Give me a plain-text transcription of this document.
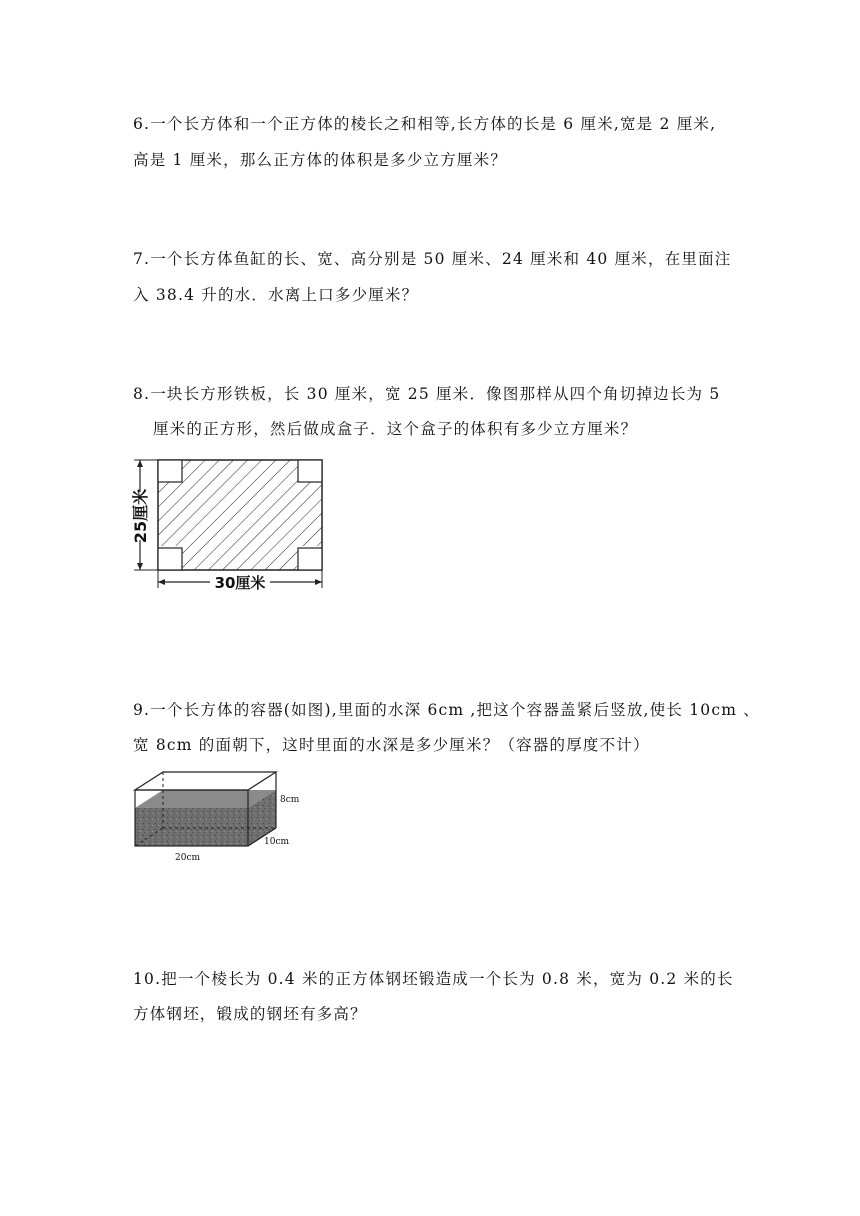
6.一个长方体和一个正方体的棱长之和相等,长方体的长是 6 厘米,宽是 2 厘米,
高是 1 厘米，那么正方体的体积是多少立方厘米？
7.一个长方体鱼缸的长、宽、高分别是 50 厘米、24 厘米和 40 厘米，在里面注
入 38.4 升的水．水离上口多少厘米？
8.一块长方形铁板，长 30 厘米，宽 25 厘米．像图那样从四个角切掉边长为 5
厘米的正方形，然后做成盒子．这个盒子的体积有多少立方厘米？
25厘米
30厘米
9.一个长方体的容器(如图),里面的水深 6cm ,把这个容器盖紧后竖放,使长 10cm 、
宽 8cm 的面朝下，这时里面的水深是多少厘米？（容器的厚度不计）
8cm
10cm
20cm
10.把一个棱长为 0.4 米的正方体钢坯锻造成一个长为 0.8 米，宽为 0.2 米的长
方体钢坯，锻成的钢坯有多高？
